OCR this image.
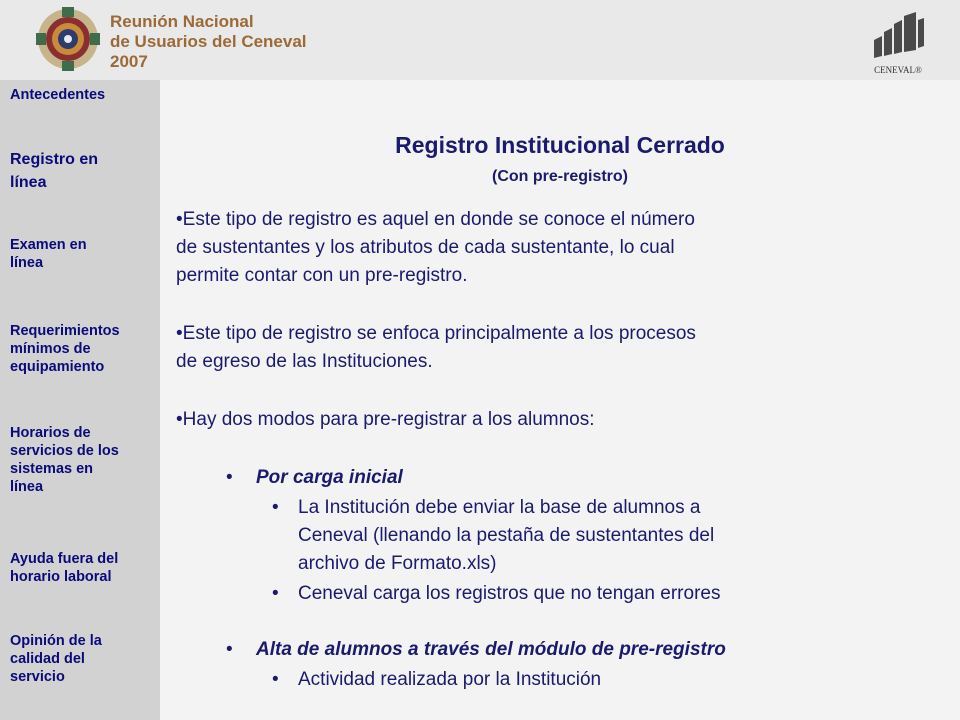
Reunión Nacional
de Usuarios del Ceneval
2007	CENEVAL®
Antecedentes
Registro en línea
Examen en línea
Requerimientos mínimos de equipamiento
Horarios de servicios de los sistemas en línea
Ayuda fuera del horario laboral
Opinión de la calidad del servicio
Registro Institucional Cerrado
(Con pre-registro)
•Este tipo de registro es aquel en donde se conoce el número
de sustentantes y los atributos de cada sustentante, lo cual
permite contar con un pre-registro.
•Este tipo de registro se enfoca principalmente a los procesos
de egreso de las Instituciones.
•Hay dos modos para pre-registrar a los alumnos:
• Por carga inicial
• La Institución debe enviar la base de alumnos a
Ceneval (llenando la pestaña de sustentantes del
archivo de Formato.xls)
• Ceneval carga los registros que no tengan errores
• Alta de alumnos a través del módulo de pre-registro
• Actividad realizada por la Institución
